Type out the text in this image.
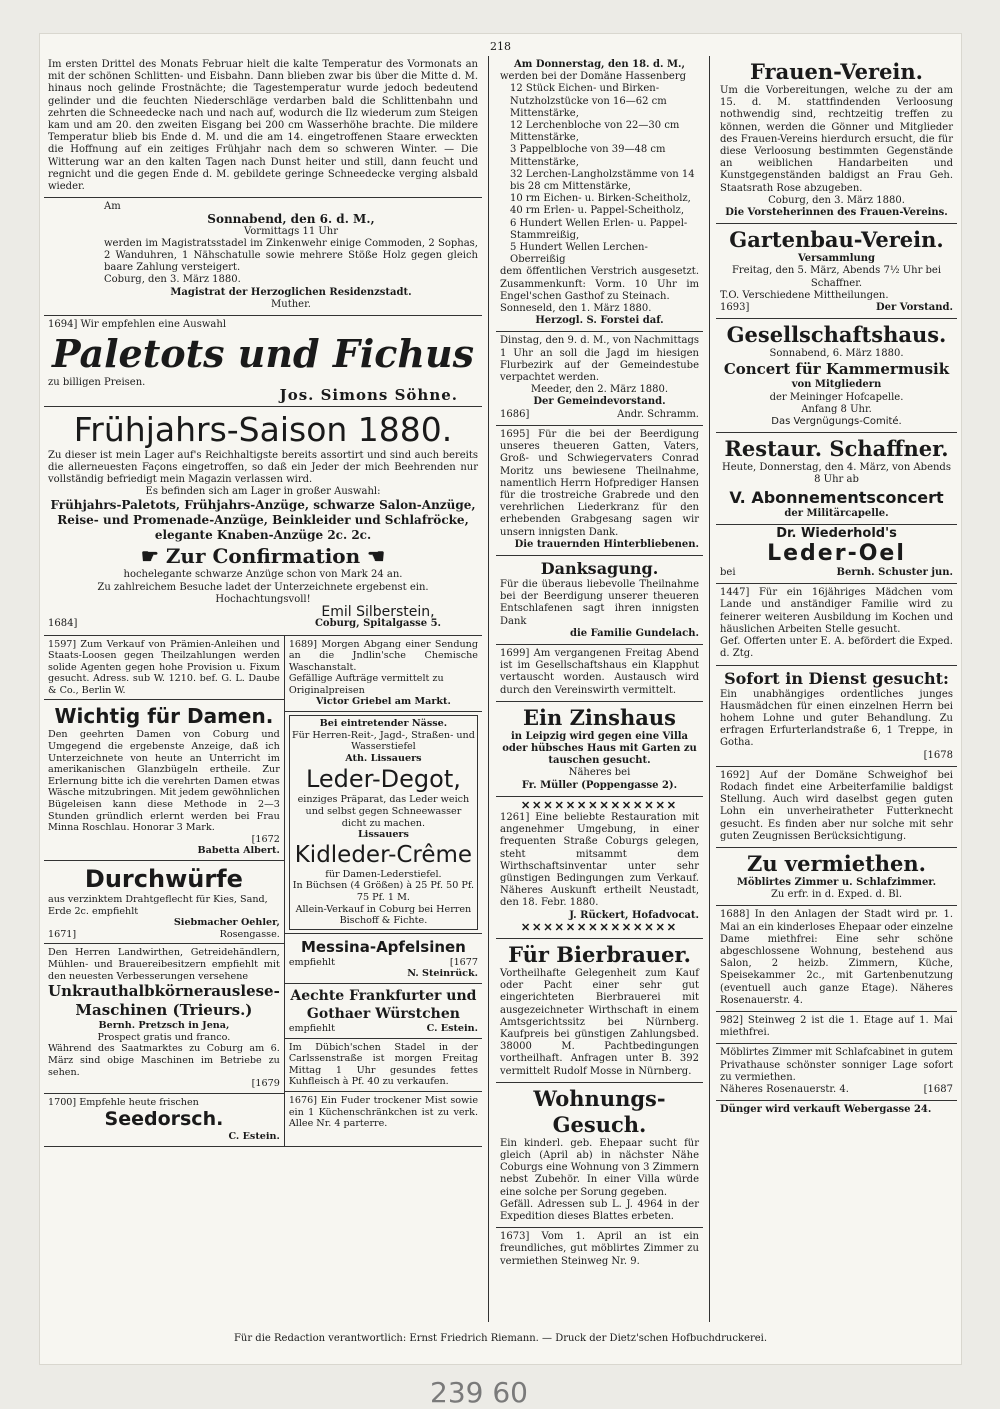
218

Im ersten Drittel des Monats Februar hielt die kalte Temperatur des Vormonats an mit der schönen Schlitten- und Eisbahn. Dann blieben zwar bis über die Mitte d. M. hinaus noch gelinde Frostnächte; die Tagestemperatur wurde jedoch bedeutend gelinder und die feuchten Niederschläge verdarben bald die Schlittenbahn und zehrten die Schneedecke nach und nach auf, wodurch die Ilz wiederum zum Steigen kam und am 20. den zweiten Eisgang bei 200 cm Wasserhöhe brachte. Die mildere Temperatur blieb bis Ende d. M. und die am 14. eingetroffenen Staare erweckten die Hoffnung auf ein zeitiges Frühjahr nach dem so schweren Winter. — Die Witterung war an den kalten Tagen nach Dunst heiter und still, dann feucht und regnicht und die gegen Ende d. M. gebildete geringe Schneedecke verging alsbald wieder.

Am

Sonnabend, den 6. d. M.,

Vormittags 11 Uhr

werden im Magistratsstadel im Zinkenwehr einige Commoden, 2 Sophas, 2 Wanduhren, 1 Nähschatulle sowie mehrere Stöße Holz gegen gleich baare Zahlung versteigert.

Coburg, den 3. März 1880.

Magistrat der Herzoglichen Residenzstadt.

Muther.

1694] Wir empfehlen eine Auswahl

Paletots und Fichus

zu billigen Preisen.

Jos. Simons Söhne.

Frühjahrs-Saison 1880.

Zu dieser ist mein Lager auf's Reichhaltigste bereits assortirt und sind auch bereits die allerneuesten Façons eingetroffen, so daß ein Jeder der mich Beehrenden nur vollständig befriedigt mein Magazin verlassen wird.

Es befinden sich am Lager in großer Auswahl:

Frühjahrs-Paletots, Frühjahrs-Anzüge, schwarze Salon-Anzüge, Reise- und Promenade-Anzüge, Beinkleider und Schlafröcke, elegante Knaben-Anzüge 2c. 2c.

☛ Zur Confirmation ☚

hochelegante schwarze Anzüge schon von Mark 24 an.

Zu zahlreichem Besuche ladet der Unterzeichnete ergebenst ein.

Hochachtungsvoll!

1684]
Emil Silberstein,
Coburg, Spitalgasse 5.

1597] Zum Verkauf von Prämien-Anleihen und Staats-Loosen gegen Theilzahlungen werden solide Agenten gegen hohe Provision u. Fixum gesucht. Adress. sub W. 1210. bef. G. L. Daube & Co., Berlin W.

Wichtig für Damen.

Den geehrten Damen von Coburg und Umgegend die ergebenste Anzeige, daß ich Unterzeichnete von heute an Unterricht im amerikanischen Glanzbügeln ertheile. Zur Erlernung bitte ich die verehrten Damen etwas Wäsche mitzubringen. Mit jedem gewöhnlichen Bügeleisen kann diese Methode in 2—3 Stunden gründlich erlernt werden bei Frau Minna Roschlau. Honorar 3 Mark.

[1672

Babetta Albert.

Durchwürfe

aus verzinktem Drahtgeflecht für Kies, Sand, Erde 2c. empfiehlt

Siebmacher Oehler,

1671]	Rosengasse.

Den Herren Landwirthen, Getreidehändlern, Mühlen- und Brauereibesitzern empfiehlt mit den neuesten Verbesserungen versehene

Unkrauthalbkörnerauslese-Maschinen (Trieurs.)

Bernh. Pretzsch in Jena,

Prospect gratis und franco.

Während des Saatmarktes zu Coburg am 6. März sind obige Maschinen im Betriebe zu sehen.

[1679

1700] Empfehle heute frischen

Seedorsch.

C. Estein.

1689] Morgen Abgang einer Sendung an die Jndlin'sche Chemische Waschanstalt.

Gefällige Aufträge vermittelt zu Originalpreisen

Victor Griebel am Markt.

Bei eintretender Nässe.

Für Herren-Reit-, Jagd-, Straßen- und Wasserstiefel

Ath. Lissauers

Leder-Degot,

einziges Präparat, das Leder weich und selbst gegen Schneewasser dicht zu machen.

Lissauers

Kidleder-Crême

für Damen-Lederstiefel.

In Büchsen (4 Größen) à 25 Pf. 50 Pf. 75 Pf. 1 M.

Allein-Verkauf in Coburg bei Herren Bischoff & Fichte.

Messina-Apfelsinen

empfiehlt	[1677

N. Steinrück.

Aechte Frankfurter und Gothaer Würstchen

empfiehlt	C. Estein.

Im Dübich'schen Stadel in der Carlssenstraße ist morgen Freitag Mittag 1 Uhr gesundes fettes Kuhfleisch à Pf. 40 zu verkaufen.

1676] Ein Fuder trockener Mist sowie ein 1 Küchenschränkchen ist zu verk. Allee Nr. 4 parterre.

Am Donnerstag, den 18. d. M.,

werden bei der Domäne Hassenberg

12 Stück Eichen- und Birken-Nutzholzstücke von 16—62 cm Mittenstärke,

12 Lerchenbloche von 22—30 cm Mittenstärke,

3 Pappelbloche von 39—48 cm Mittenstärke,

32 Lerchen-Langholzstämme von 14 bis 28 cm Mittenstärke,

10 rm Eichen- u. Birken-Scheitholz,

40 rm Erlen- u. Pappel-Scheitholz,

6 Hundert Wellen Erlen- u. Pappel-Stammreißig,

5 Hundert Wellen Lerchen-Oberreißig

dem öffentlichen Verstrich ausgesetzt. Zusammenkunft: Vorm. 10 Uhr im Engel'schen Gasthof zu Steinach.

Sonneseld, den 1. März 1880.

Herzogl. S. Forstei daf.

Dinstag, den 9. d. M., von Nachmittags 1 Uhr an soll die Jagd im hiesigen Flurbezirk auf der Gemeindestube verpachtet werden.

Meeder, den 2. März 1880.

Der Gemeindevorstand.

1686]	Andr. Schramm.

1695] Für die bei der Beerdigung unseres theueren Gatten, Vaters, Groß- und Schwiegervaters Conrad Moritz uns bewiesene Theilnahme, namentlich Herrn Hofprediger Hansen für die trostreiche Grabrede und den verehrlichen Liederkranz für den erhebenden Grabgesang sagen wir unsern innigsten Dank.

Die trauernden Hinterbliebenen.

Danksagung.

Für die überaus liebevolle Theilnahme bei der Beerdigung unserer theueren Entschlafenen sagt ihren innigsten Dank

die Familie Gundelach.

1699] Am vergangenen Freitag Abend ist im Gesellschaftshaus ein Klapphut vertauscht worden. Austausch wird durch den Vereinswirth vermittelt.

Ein Zinshaus

in Leipzig wird gegen eine Villa oder hübsches Haus mit Garten zu tauschen gesucht.

Näheres bei

Fr. Müller (Poppengasse 2).

✕✕✕✕✕✕✕✕✕✕✕✕✕✕

1261] Eine beliebte Restauration mit angenehmer Umgebung, in einer frequenten Straße Coburgs gelegen, steht mitsammt dem Wirthschaftsinventar unter sehr günstigen Bedingungen zum Verkauf. Näheres Auskunft ertheilt Neustadt, den 18. Febr. 1880.

J. Rückert, Hofadvocat.

✕✕✕✕✕✕✕✕✕✕✕✕✕✕

Für Bierbrauer.

Vortheilhafte Gelegenheit zum Kauf oder Pacht einer sehr gut eingerichteten Bierbrauerei mit ausgezeichneter Wirthschaft in einem Amtsgerichtssitz bei Nürnberg. Kaufpreis bei günstigen Zahlungsbed. 38000 M. Pachtbedingungen vortheilhaft. Anfragen unter B. 392 vermittelt Rudolf Mosse in Nürnberg.

Wohnungs-Gesuch.

Ein kinderl. geb. Ehepaar sucht für gleich (April ab) in nächster Nähe Coburgs eine Wohnung von 3 Zimmern nebst Zubehör. In einer Villa würde eine solche per Sorung gegeben.

Gefäll. Adressen sub L. J. 4964 in der Expedition dieses Blattes erbeten.

1673] Vom 1. April an ist ein freundliches, gut möblirtes Zimmer zu vermiethen Steinweg Nr. 9.

Frauen-Verein.

Um die Vorbereitungen, welche zu der am 15. d. M. stattfindenden Verloosung nothwendig sind, rechtzeitig treffen zu können, werden die Gönner und Mitglieder des Frauen-Vereins hierdurch ersucht, die für diese Verloosung bestimmten Gegenstände an weiblichen Handarbeiten und Kunstgegenständen baldigst an Frau Geh. Staatsrath Rose abzugeben.

Coburg, den 3. März 1880.

Die Vorsteherinnen des Frauen-Vereins.

Gartenbau-Verein.

Versammlung

Freitag, den 5. März, Abends 7½ Uhr bei Schaffner.

T.O. Verschiedene Mittheilungen.

1693]	Der Vorstand.

Gesellschaftshaus.

Sonnabend, 6. März 1880.

Concert für Kammermusik

von Mitgliedern

der Meininger Hofcapelle.

Anfang 8 Uhr.

Das Vergnügungs-Comité.

Restaur. Schaffner.

Heute, Donnerstag, den 4. März, von Abends 8 Uhr ab

V. Abonnementsconcert

der Militärcapelle.

Dr. Wiederhold's

Leder-Oel

bei	Bernh. Schuster jun.

1447] Für ein 16jähriges Mädchen vom Lande und anständiger Familie wird zu feinerer weiteren Ausbildung im Kochen und häuslichen Arbeiten Stelle gesucht.

Gef. Offerten unter E. A. befördert die Exped. d. Ztg.

Sofort in Dienst gesucht:

Ein unabhängiges ordentliches junges Hausmädchen für einen einzelnen Herrn bei hohem Lohne und guter Behandlung. Zu erfragen Erfurterlandstraße 6, 1 Treppe, in Gotha.

[1678

1692] Auf der Domäne Schweighof bei Rodach findet eine Arbeiterfamilie baldigst Stellung. Auch wird daselbst gegen guten Lohn ein unverheiratheter Futterknecht gesucht. Es finden aber nur solche mit sehr guten Zeugnissen Berücksichtigung.

Zu vermiethen.

Möblirtes Zimmer u. Schlafzimmer.

Zu erfr. in d. Exped. d. Bl.

1688] In den Anlagen der Stadt wird pr. 1. Mai an ein kinderloses Ehepaar oder einzelne Dame miethfrei: Eine sehr schöne abgeschlossene Wohnung, bestehend aus Salon, 2 heizb. Zimmern, Küche, Speisekammer 2c., mit Gartenbenutzung (eventuell auch ganze Etage). Näheres Rosenauerstr. 4.

982] Steinweg 2 ist die 1. Etage auf 1. Mai miethfrei.

Möblirtes Zimmer mit Schlafcabinet in gutem Privathause schönster sonniger Lage sofort zu vermiethen.

Näheres Rosenauerstr. 4.	[1687

Dünger wird verkauft Webergasse 24.

Für die Redaction verantwortlich: Ernst Friedrich Riemann. — Druck der Dietz'schen Hofbuchdruckerei.
239 60
